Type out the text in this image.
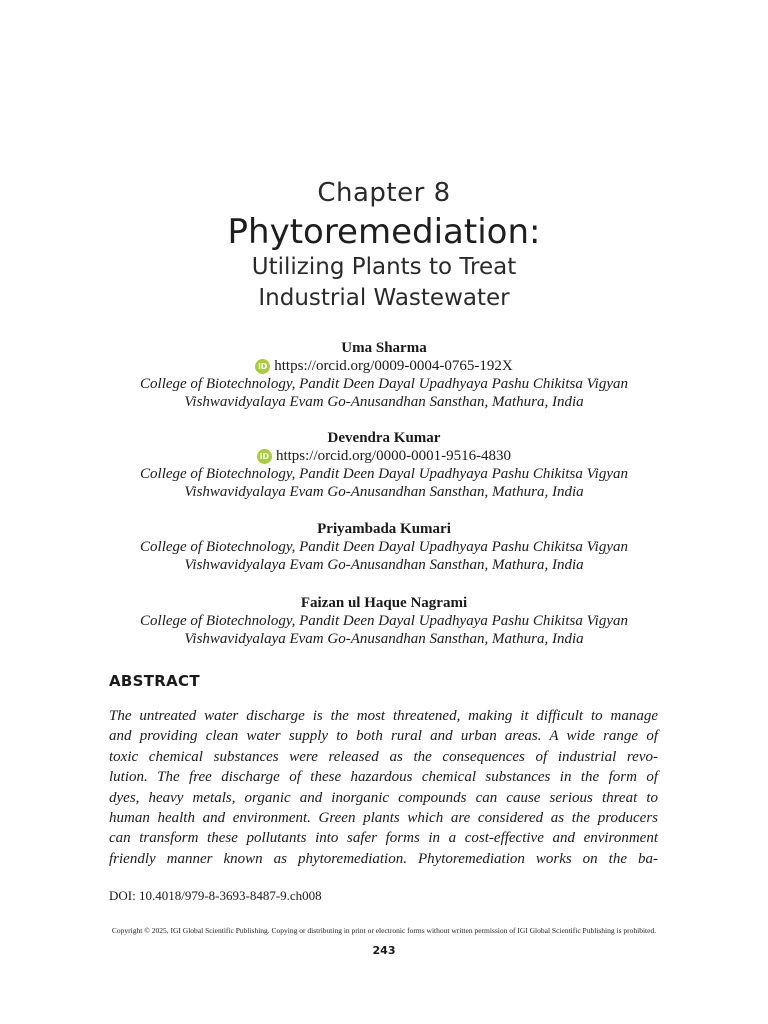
Chapter 8
Phytoremediation:
Utilizing Plants to Treat
Industrial Wastewater
Uma Sharma
iD https://orcid.org/0009-0004-0765-192X
College of Biotechnology, Pandit Deen Dayal Upadhyaya Pashu Chikitsa Vigyan
Vishwavidyalaya Evam Go-Anusandhan Sansthan, Mathura, India
Devendra Kumar
iD https://orcid.org/0000-0001-9516-4830
College of Biotechnology, Pandit Deen Dayal Upadhyaya Pashu Chikitsa Vigyan
Vishwavidyalaya Evam Go-Anusandhan Sansthan, Mathura, India
Priyambada Kumari
College of Biotechnology, Pandit Deen Dayal Upadhyaya Pashu Chikitsa Vigyan
Vishwavidyalaya Evam Go-Anusandhan Sansthan, Mathura, India
Faizan ul Haque Nagrami
College of Biotechnology, Pandit Deen Dayal Upadhyaya Pashu Chikitsa Vigyan
Vishwavidyalaya Evam Go-Anusandhan Sansthan, Mathura, India
ABSTRACT
The untreated water discharge is the most threatened, making it difficult to manage
and providing clean water supply to both rural and urban areas. A wide range of
toxic chemical substances were released as the consequences of industrial revo-
lution. The free discharge of these hazardous chemical substances in the form of
dyes, heavy metals, organic and inorganic compounds can cause serious threat to
human health and environment. Green plants which are considered as the producers
can transform these pollutants into safer forms in a cost-effective and environment
friendly manner known as phytoremediation. Phytoremediation works on the ba-
DOI: 10.4018/979-8-3693-8487-9.ch008
Copyright © 2025, IGI Global Scientific Publishing. Copying or distributing in print or electronic forms without written permission of IGI Global Scientific Publishing is prohibited.
243
